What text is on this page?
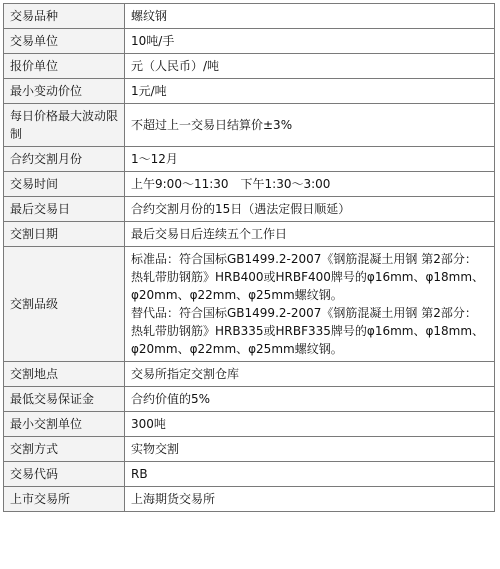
交易品种	螺纹钢

交易单位	10吨/手

报价单位	元（人民币）/吨

最小变动价位	1元/吨

每日价格最大波动限制	不超过上一交易日结算价±3%

合约交割月份	1～12月

交易时间	上午9:00～11:30　下午1:30～3:00

最后交易日	合约交割月份的15日（遇法定假日顺延）

交割日期	最后交易日后连续五个工作日

交割品级	标准品：符合国标GB1499.2-2007《钢筋混凝土用钢 第2部分：热轧带肋钢筋》HRB400或HRBF400牌号的φ16mm、φ18mm、φ20mm、φ22mm、φ25mm螺纹钢。
替代品：符合国标GB1499.2-2007《钢筋混凝土用钢 第2部分：热轧带肋钢筋》HRB335或HRBF335牌号的φ16mm、φ18mm、φ20mm、φ22mm、φ25mm螺纹钢。

交割地点	交易所指定交割仓库

最低交易保证金	合约价值的5%

最小交割单位	300吨

交割方式	实物交割

交易代码	RB

上市交易所	上海期货交易所
